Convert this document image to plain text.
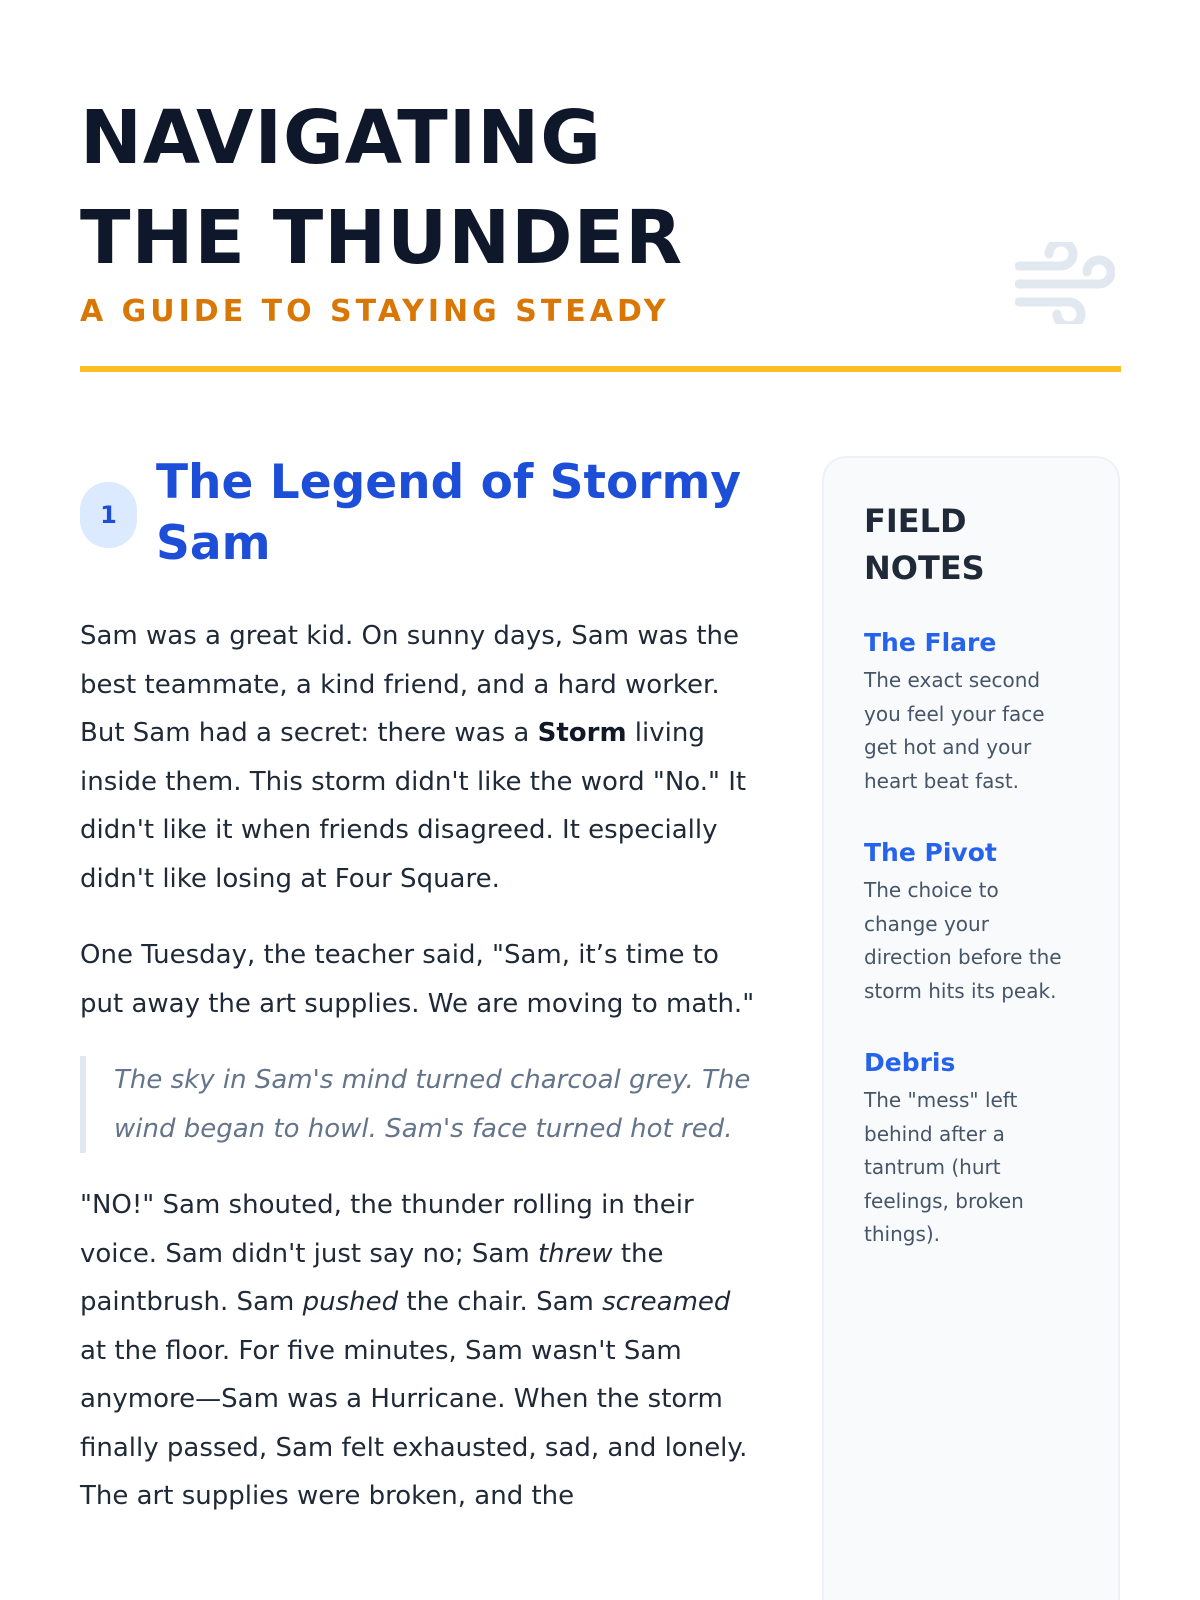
NAVIGATING
THE THUNDER
A GUIDE TO STAYING STEADY
1
The Legend of Stormy Sam

Sam was a great kid. On sunny days, Sam was the best teammate, a kind friend, and a hard worker. But Sam had a secret: there was a Storm living inside them. This storm didn't like the word "No." It didn't like it when friends disagreed. It especially didn't like losing at Four Square.

One Tuesday, the teacher said, "Sam, it’s time to put away the art supplies. We are moving to math."

The sky in Sam's mind turned charcoal grey. The wind began to howl. Sam's face turned hot red.

"NO!" Sam shouted, the thunder rolling in their voice. Sam didn't just say no; Sam threw the paintbrush. Sam pushed the chair. Sam screamed at the floor. For five minutes, Sam wasn't Sam anymore—Sam was a Hurricane. When the storm finally passed, Sam felt exhausted, sad, and lonely. The art supplies were broken, and the

FIELD NOTES
The Flare

The exact second you feel your face get hot and your heart beat fast.

The Pivot

The choice to change your direction before the storm hits its peak.

Debris

The "mess" left behind after a tantrum (hurt feelings, broken things).
